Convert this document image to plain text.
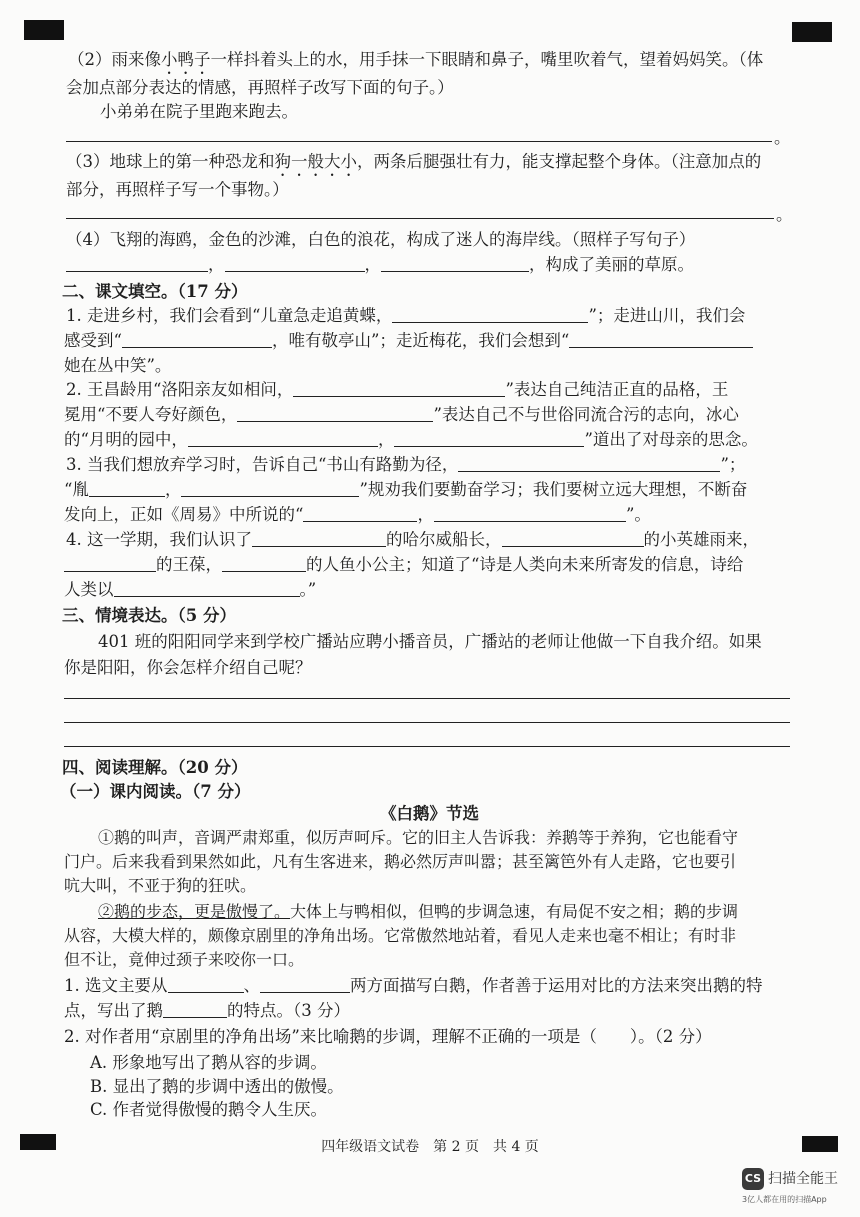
（2）雨来像小鸭子一样抖着头上的水，用手抹一下眼睛和鼻子，嘴里吹着气，望着妈妈笑。（体
会加点部分表达的情感，再照样子改写下面的句子。）
小弟弟在院子里跑来跑去。
。
（3）地球上的第一种恐龙和狗一般大小，两条后腿强壮有力，能支撑起整个身体。（注意加点的
部分，再照样子写一个事物。）
。
（4）飞翔的海鸥，金色的沙滩，白色的浪花，构成了迷人的海岸线。（照样子写句子）
，	，	，构成了美丽的草原。
二、课文填空。（17 分）
1. 走进乡村，我们会看到“儿童急走追黄蝶，	”；走进山川，我们会
感受到“	，唯有敬亭山”；走近梅花，我们会想到“
她在丛中笑”。
2. 王昌龄用“洛阳亲友如相问，	”表达自己纯洁正直的品格，王
冕用“不要人夸好颜色，	”表达自己不与世俗同流合污的志向，冰心
的“月明的园中，	，	”道出了对母亲的思念。
3. 当我们想放弃学习时，告诉自己“书山有路勤为径，	”；
“胤	，	”规劝我们要勤奋学习；我们要树立远大理想，不断奋
发向上，正如《周易》中所说的“	，	”。
4. 这一学期，我们认识了	的哈尔威船长，	的小英雄雨来，
的王葆，	的人鱼小公主；知道了“诗是人类向未来所寄发的信息，诗给
人类以	。”
三、情境表达。（5 分）
401 班的阳阳同学来到学校广播站应聘小播音员，广播站的老师让他做一下自我介绍。如果
你是阳阳，你会怎样介绍自己呢？
四、阅读理解。（20 分）
（一）课内阅读。（7 分）
《白鹅》节选
①鹅的叫声，音调严肃郑重，似厉声呵斥。它的旧主人告诉我：养鹅等于养狗，它也能看守
门户。后来我看到果然如此，凡有生客进来，鹅必然厉声叫嚣；甚至篱笆外有人走路，它也要引
吭大叫，不亚于狗的狂吠。
②鹅的步态，更是傲慢了。大体上与鸭相似，但鸭的步调急速，有局促不安之相；鹅的步调
从容，大模大样的，颇像京剧里的净角出场。它常傲然地站着，看见人走来也毫不相让；有时非
但不让，竟伸过颈子来咬你一口。
1. 选文主要从	、	两方面描写白鹅，作者善于运用对比的方法来突出鹅的特
点，写出了鹅	的特点。（3 分）
2. 对作者用“京剧里的净角出场”来比喻鹅的步调，理解不正确的一项是（　　）。（2 分）
A. 形象地写出了鹅从容的步调。
B. 显出了鹅的步调中透出的傲慢。
C. 作者觉得傲慢的鹅令人生厌。
四年级语文试卷　第 2 页　共 4 页
CS 扫描全能王
3亿人都在用的扫描App
